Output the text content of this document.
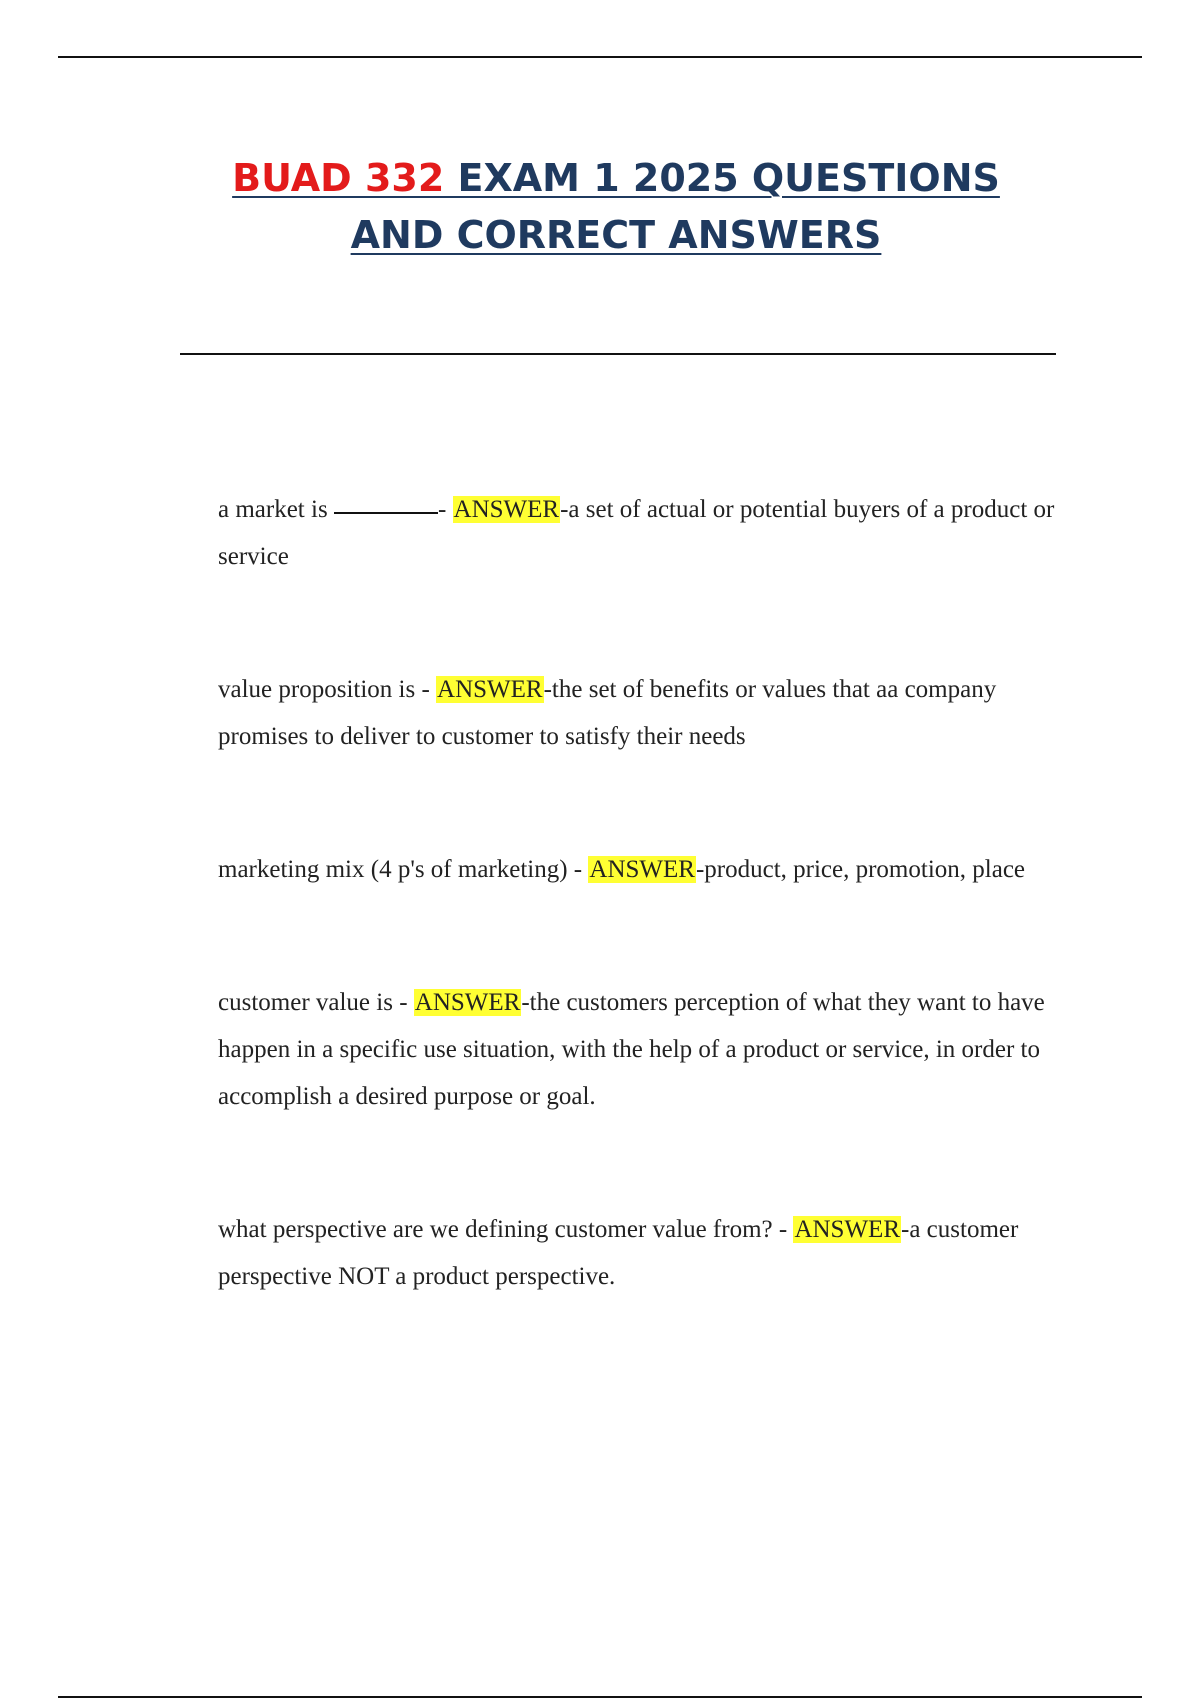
BUAD 332 EXAM 1 2025 QUESTIONS
AND CORRECT ANSWERS
a market is	- ANSWER-a set of actual or potential buyers of a product or service
value proposition is - ANSWER-the set of benefits or values that aa company promises to deliver to customer to satisfy their needs
marketing mix (4 p's of marketing) - ANSWER-product, price, promotion, place
customer value is - ANSWER-the customers perception of what they want to have happen in a specific use situation, with the help of a product or service, in order to accomplish a desired purpose or goal.
what perspective are we defining customer value from? - ANSWER-a customer perspective NOT a product perspective.
